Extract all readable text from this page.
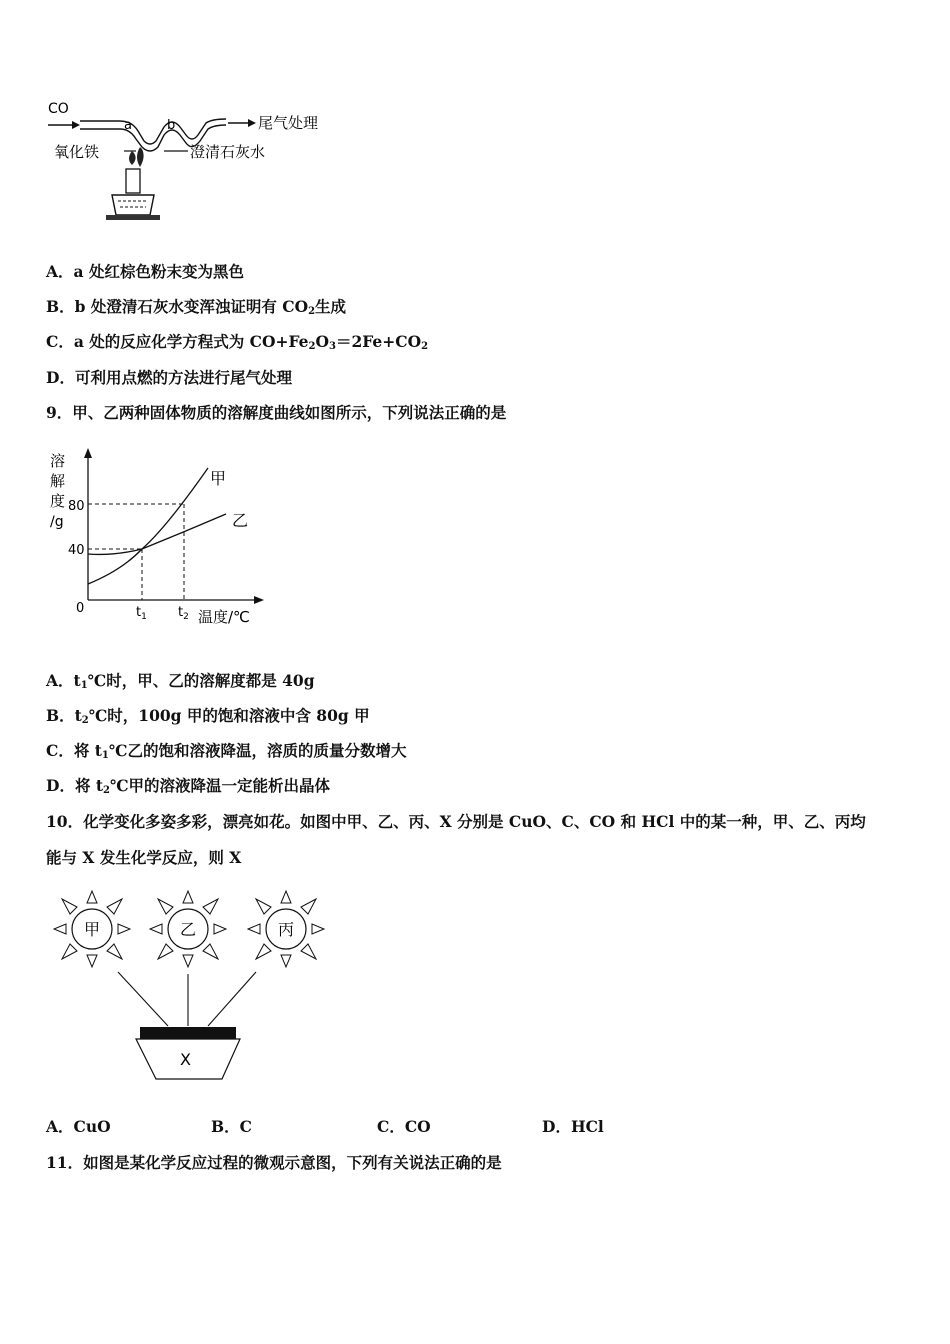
CO
a	b	尾气处理
氧化铁	澄清石灰水
A．a 处红棕色粉末变为黑色
B．b 处澄清石灰水变浑浊证明有 $CO_2$生成
C．a 处的反应化学方程式为 $CO+Fe_2O_3=2Fe+CO_2$
D．可利用点燃的方法进行尾气处理
9．甲、乙两种固体物质的溶解度曲线如图所示，下列说法正确的是
溶
解
度
/g
80
40
0
甲
乙
$t_1$ $t_2$ 温度/℃
A．$t_1℃$时，甲、乙的溶解度都是 40g
B．$t_2℃$时，100g 甲的饱和溶液中含 80g 甲
C．将 $t_1℃$乙的饱和溶液降温，溶质的质量分数增大
D．将 $t_2℃$甲的溶液降温一定能析出晶体
10．化学变化多姿多彩，漂亮如花。如图中甲、乙、丙、X 分别是 CuO、C、CO 和 HCl 中的某一种，甲、乙、丙均
能与 X 发生化学反应，则 X
甲	乙	丙
X
A．CuO	B．C	C．CO	D．HCl
11．如图是某化学反应过程的微观示意图，下列有关说法正确的是
